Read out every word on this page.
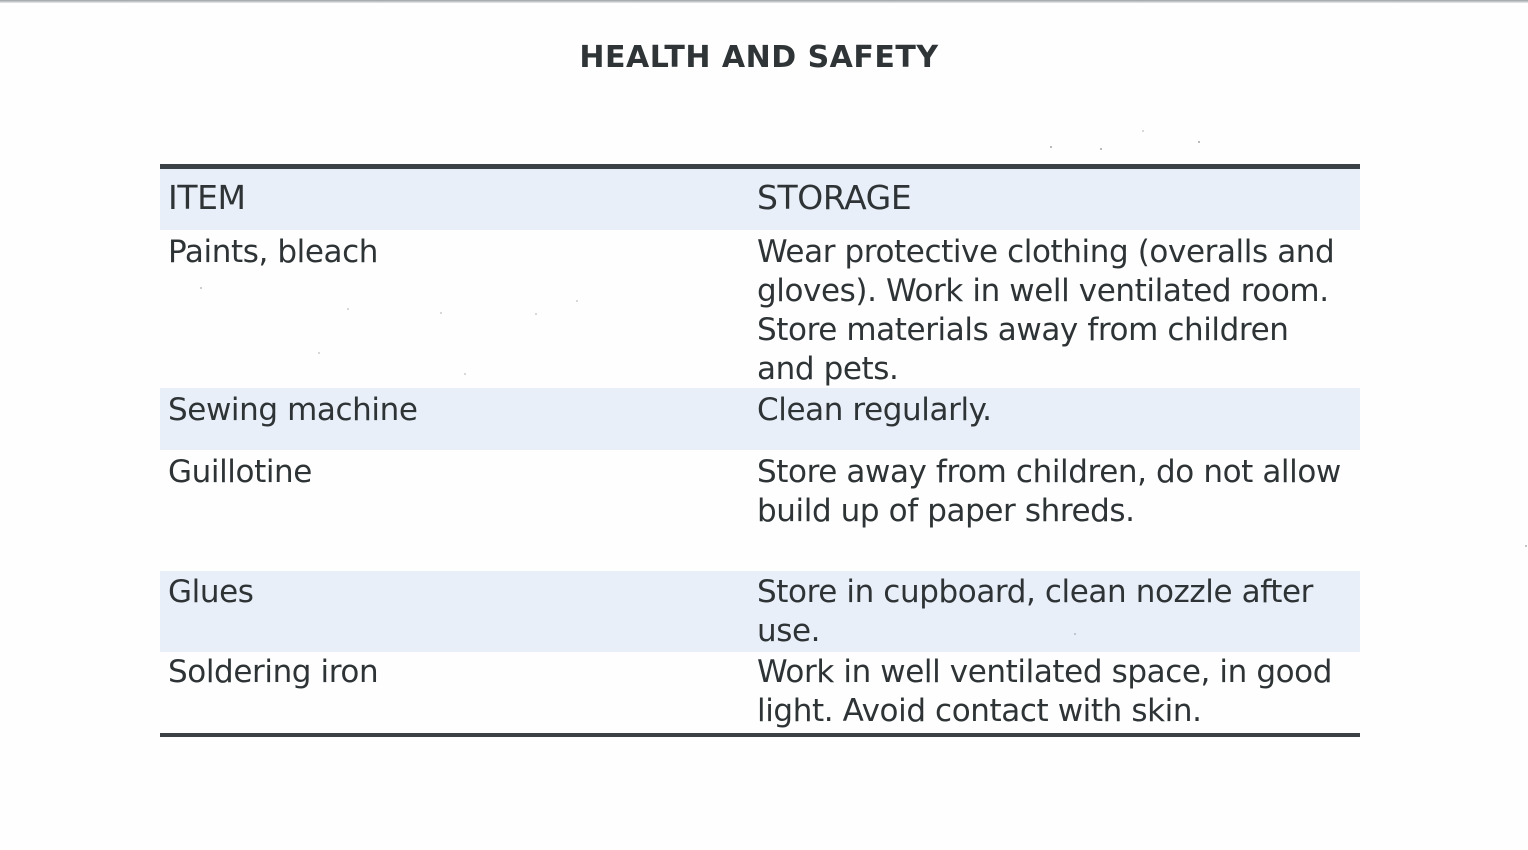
HEALTH AND SAFETY
ITEM	STORAGE
Paints, bleach	Wear protective clothing (overalls and gloves). Work in well ventilated room. Store materials away from children and pets.
Sewing machine	Clean regularly.
Guillotine	Store away from children, do not allow build up of paper shreds.
Glues	Store in cupboard, clean nozzle after use.
Soldering iron	Work in well ventilated space, in good light. Avoid contact with skin.
